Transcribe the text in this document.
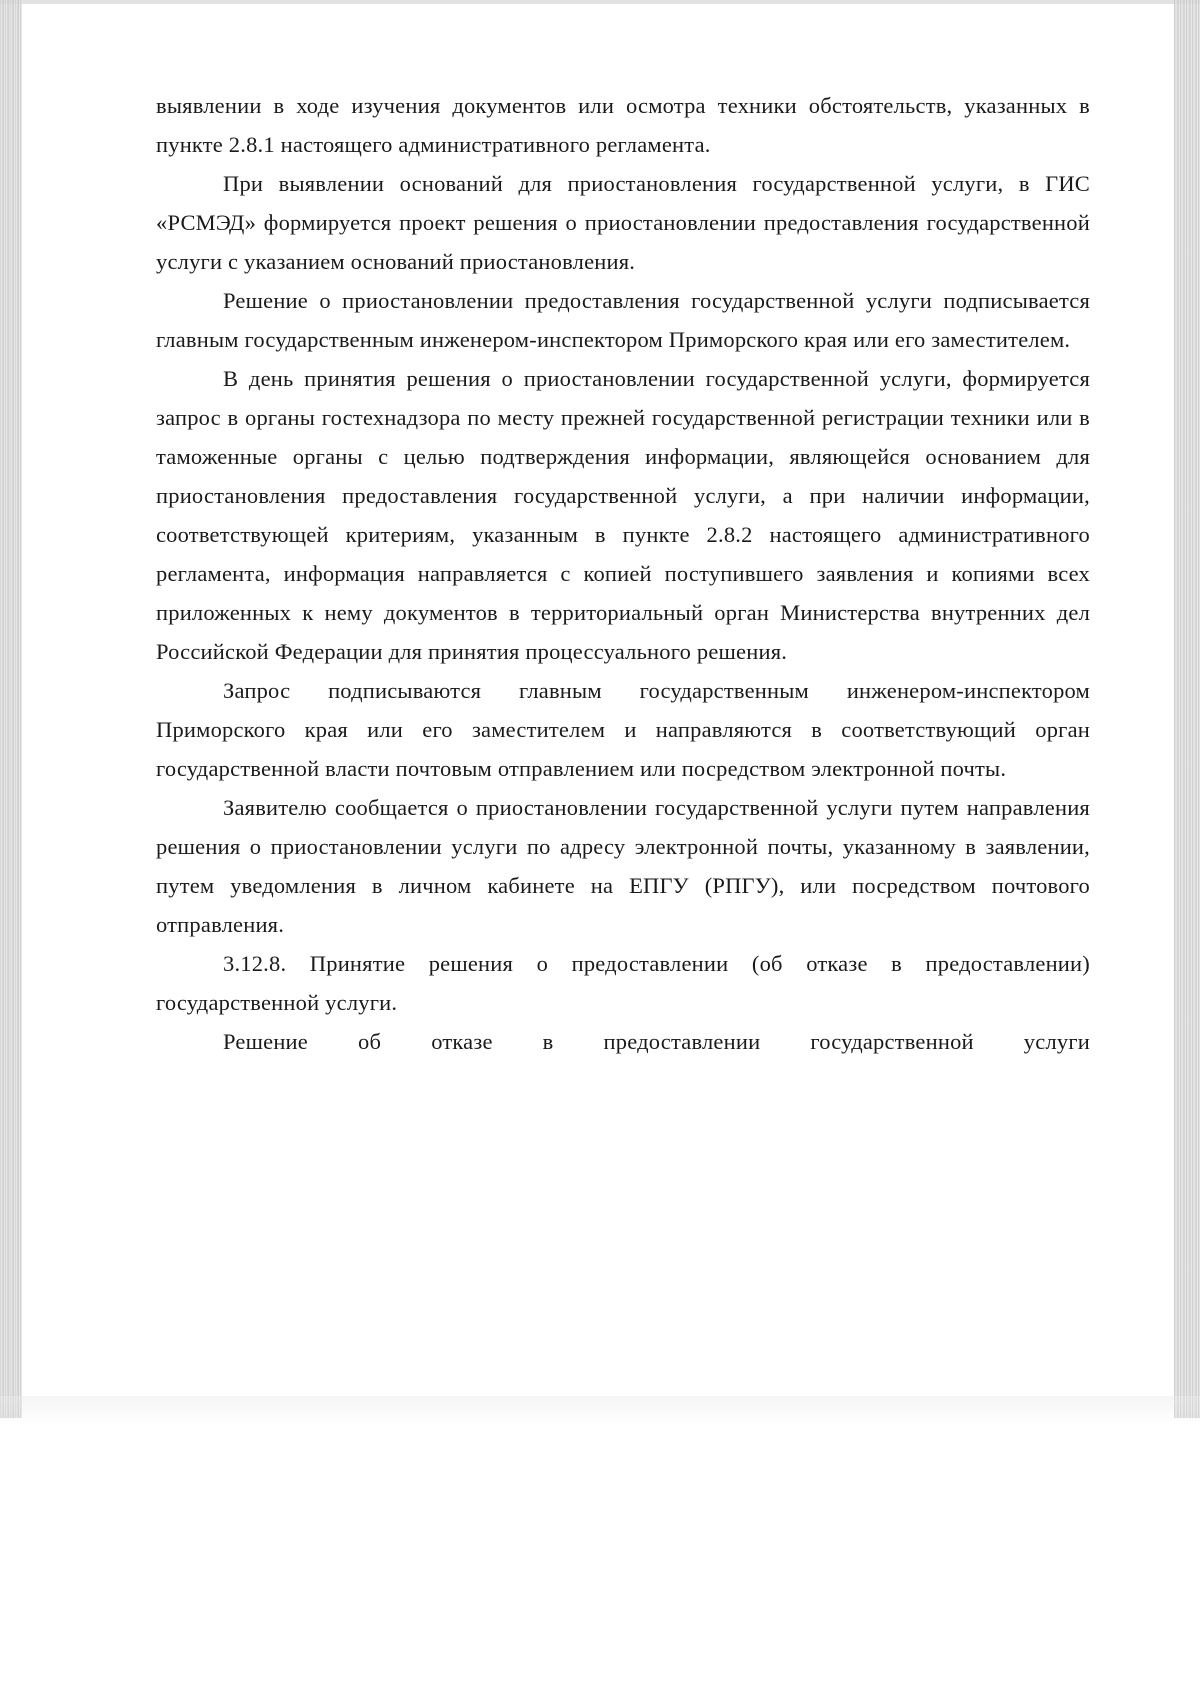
выявлении в ходе изучения документов или осмотра техники обстоятельств, указанных в пункте 2.8.1 настоящего административного регламента.

При выявлении оснований для приостановления государственной услуги, в ГИС «РСМЭД» формируется проект решения о приостановлении предоставления государственной услуги с указанием оснований приостановления.

Решение о приостановлении предоставления государственной услуги подписывается главным государственным инженером-инспектором Приморского края или его заместителем.

В день принятия решения о приостановлении государственной услуги, формируется запрос в органы гостехнадзора по месту прежней государственной регистрации техники или в таможенные органы с целью подтверждения информации, являющейся основанием для приостановления предоставления государственной услуги, а при наличии информации, соответствующей критериям, указанным в пункте 2.8.2 настоящего административного регламента, информация направляется с копией поступившего заявления и копиями всех приложенных к нему документов в территориальный орган Министерства внутренних дел Российской Федерации для принятия процессуального решения.

Запрос подписываются главным государственным инженером-инспектором Приморского края или его заместителем и направляются в соответствующий орган государственной власти почтовым отправлением или посредством электронной почты.

Заявителю сообщается о приостановлении государственной услуги путем направления решения о приостановлении услуги по адресу электронной почты, указанному в заявлении, путем уведомления в личном кабинете на ЕПГУ (РПГУ), или посредством почтового отправления.

3.12.8. Принятие решения о предоставлении (об отказе в предоставлении) государственной услуги.

Решение об отказе в предоставлении государственной услуги
